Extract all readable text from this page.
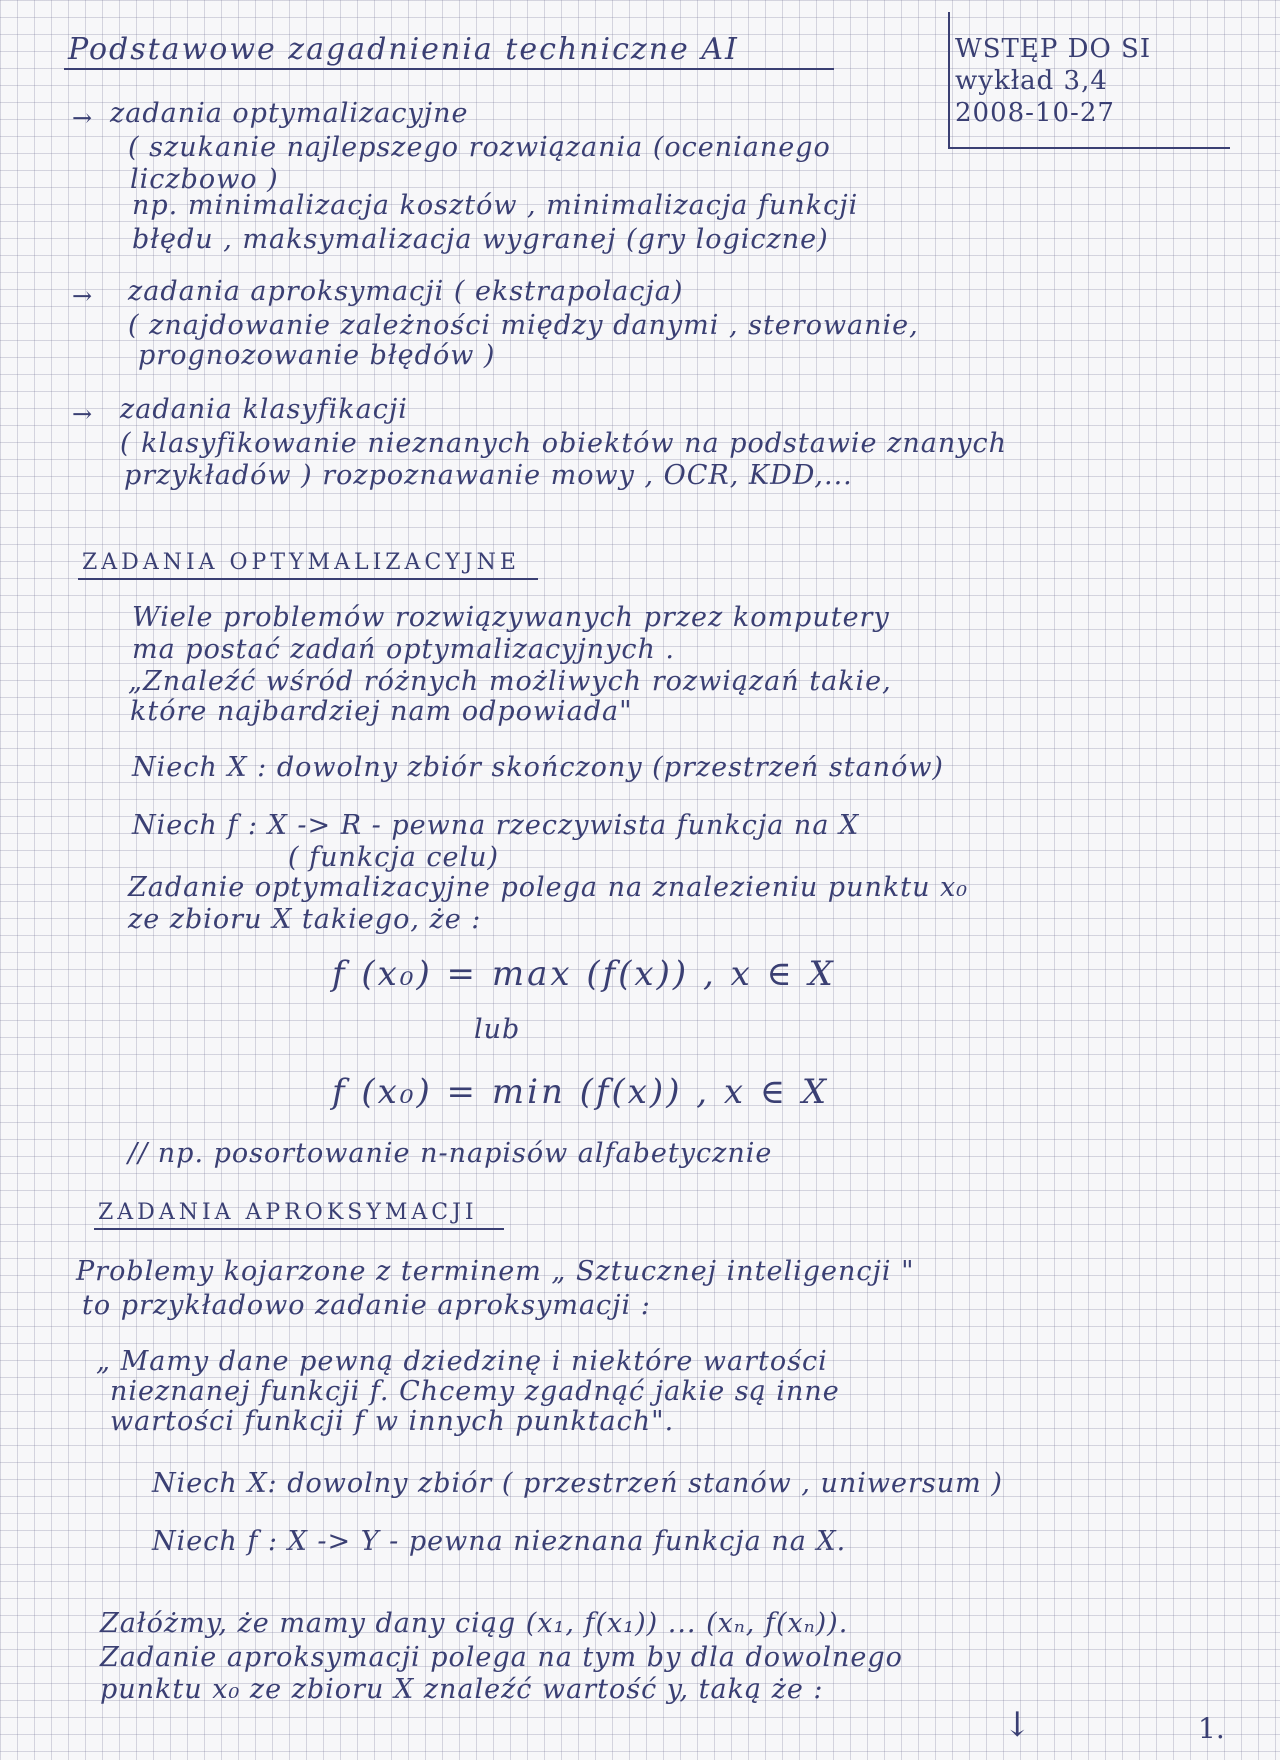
Podstawowe zagadnienia techniczne AI	WSTĘP DO SI
wykład 3,4
2008-10-27
→ zadania optymalizacyjne
( szukanie najlepszego rozwiązania (ocenianego
liczbowo )
np. minimalizacja kosztów , minimalizacja funkcji
błędu , maksymalizacja wygranej (gry logiczne)
→ zadania aproksymacji ( ekstrapolacja)
( znajdowanie zależności między danymi , sterowanie,
prognozowanie błędów )
→ zadania klasyfikacji
( klasyfikowanie nieznanych obiektów na podstawie znanych
przykładów ) rozpoznawanie mowy , OCR, KDD,...
ZADANIA OPTYMALIZACYJNE
Wiele problemów rozwiązywanych przez komputery
ma postać zadań optymalizacyjnych .
„Znaleźć wśród różnych możliwych rozwiązań takie,
które najbardziej nam odpowiada"
Niech X : dowolny zbiór skończony (przestrzeń stanów)
Niech f : X -> R - pewna rzeczywista funkcja na X
( funkcja celu)
Zadanie optymalizacyjne polega na znalezieniu punktu x₀
ze zbioru X takiego, że :
f (x₀) = max (f(x)) , x ∈ X
lub
f (x₀) = min (f(x)) , x ∈ X
// np. posortowanie n-napisów alfabetycznie
ZADANIA APROKSYMACJI
Problemy kojarzone z terminem „ Sztucznej inteligencji "
to przykładowo zadanie aproksymacji :
„ Mamy dane pewną dziedzinę i niektóre wartości
nieznanej funkcji f. Chcemy zgadnąć jakie są inne
wartości funkcji f w innych punktach".
Niech X: dowolny zbiór ( przestrzeń stanów , uniwersum )
Niech f : X -> Y - pewna nieznana funkcja na X.
Załóżmy, że mamy dany ciąg (x₁, f(x₁)) ... (xₙ, f(xₙ)).
Zadanie aproksymacji polega na tym by dla dowolnego
punktu x₀ ze zbioru X znaleźć wartość y, taką że :
↓	1.
